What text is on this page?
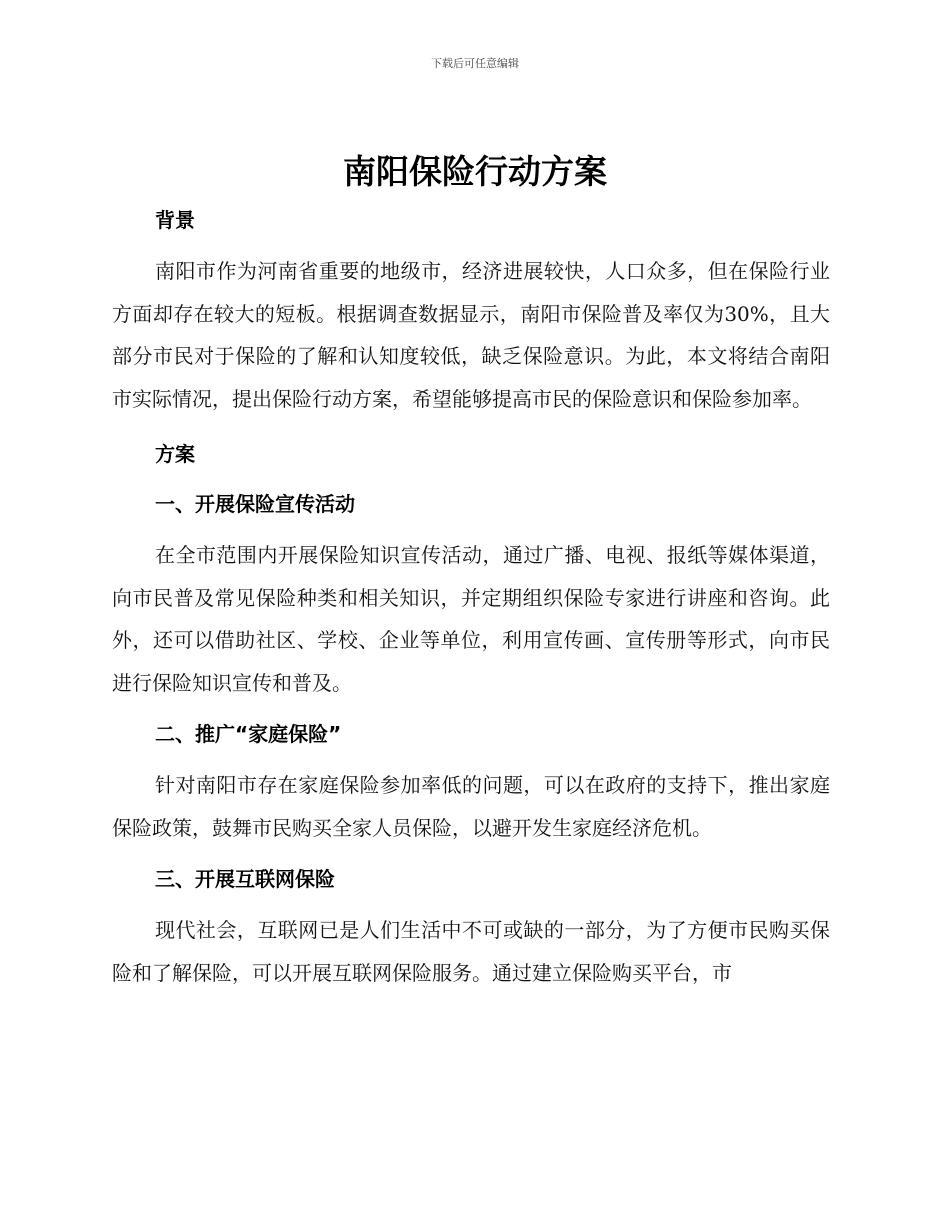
下载后可任意编辑
南阳保险行动方案
背景

南阳市作为河南省重要的地级市，经济进展较快，人口众多，但在保险行业方面却存在较大的短板。根据调查数据显示，南阳市保险普及率仅为30%，且大部分市民对于保险的了解和认知度较低，缺乏保险意识。为此，本文将结合南阳市实际情况，提出保险行动方案，希望能够提高市民的保险意识和保险参加率。

方案
一、开展保险宣传活动

在全市范围内开展保险知识宣传活动，通过广播、电视、报纸等媒体渠道，向市民普及常见保险种类和相关知识，并定期组织保险专家进行讲座和咨询。此外，还可以借助社区、学校、企业等单位，利用宣传画、宣传册等形式，向市民进行保险知识宣传和普及。

二、推广“家庭保险”

针对南阳市存在家庭保险参加率低的问题，可以在政府的支持下，推出家庭保险政策，鼓舞市民购买全家人员保险，以避开发生家庭经济危机。

三、开展互联网保险

现代社会，互联网已是人们生活中不可或缺的一部分，为了方便市民购买保险和了解保险，可以开展互联网保险服务。通过建立保险购买平台，市
